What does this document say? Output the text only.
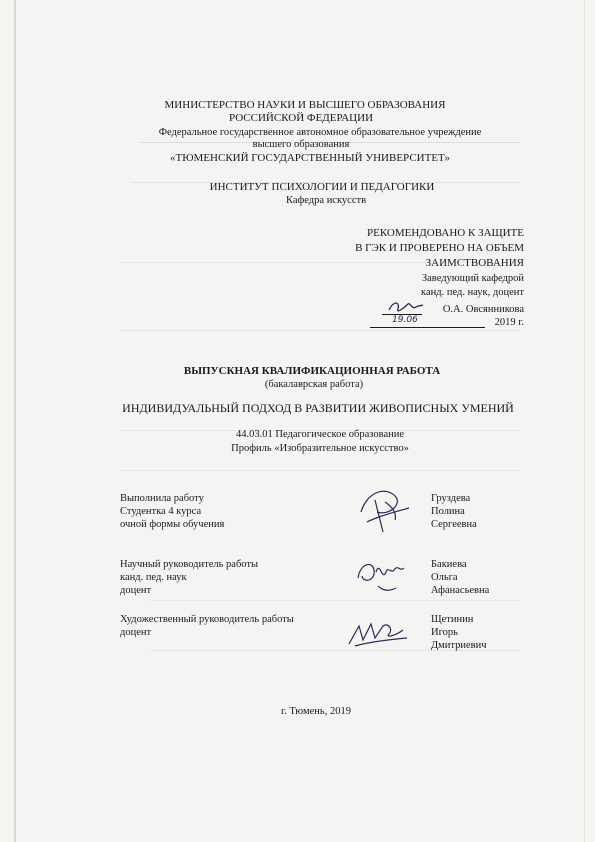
МИНИСТЕРСТВО НАУКИ И ВЫСШЕГО ОБРАЗОВАНИЯ
РОССИЙСКОЙ ФЕДЕРАЦИИ
Федеральное государственное автономное образовательное учреждение
высшего образования
«ТЮМЕНСКИЙ ГОСУДАРСТВЕННЫЙ УНИВЕРСИТЕТ»
ИНСТИТУТ ПСИХОЛОГИИ И ПЕДАГОГИКИ
Кафедра искусств
РЕКОМЕНДОВАНО К ЗАЩИТЕ
В ГЭК И ПРОВЕРЕНО НА ОБЪЕМ
ЗАИМСТВОВАНИЯ
Заведующий кафедрой
канд. пед. наук, доцент
О.А. Овсянникова
19.06	2019 г.
ВЫПУСКНАЯ КВАЛИФИКАЦИОННАЯ РАБОТА
(бакалаврская работа)
ИНДИВИДУАЛЬНЫЙ ПОДХОД В РАЗВИТИИ ЖИВОПИСНЫХ УМЕНИЙ
44.03.01 Педагогическое образование
Профиль «Изобразительное искусство»
Выполнила работу
Студентка 4 курса
очной формы обучения
Груздева
Полина
Сергеевна
Научный руководитель работы
канд. пед. наук
доцент
Бакиева
Ольга
Афанасьевна
Художественный руководитель работы
доцент
Щетинин
Игорь
Дмитриевич
г. Тюмень, 2019
